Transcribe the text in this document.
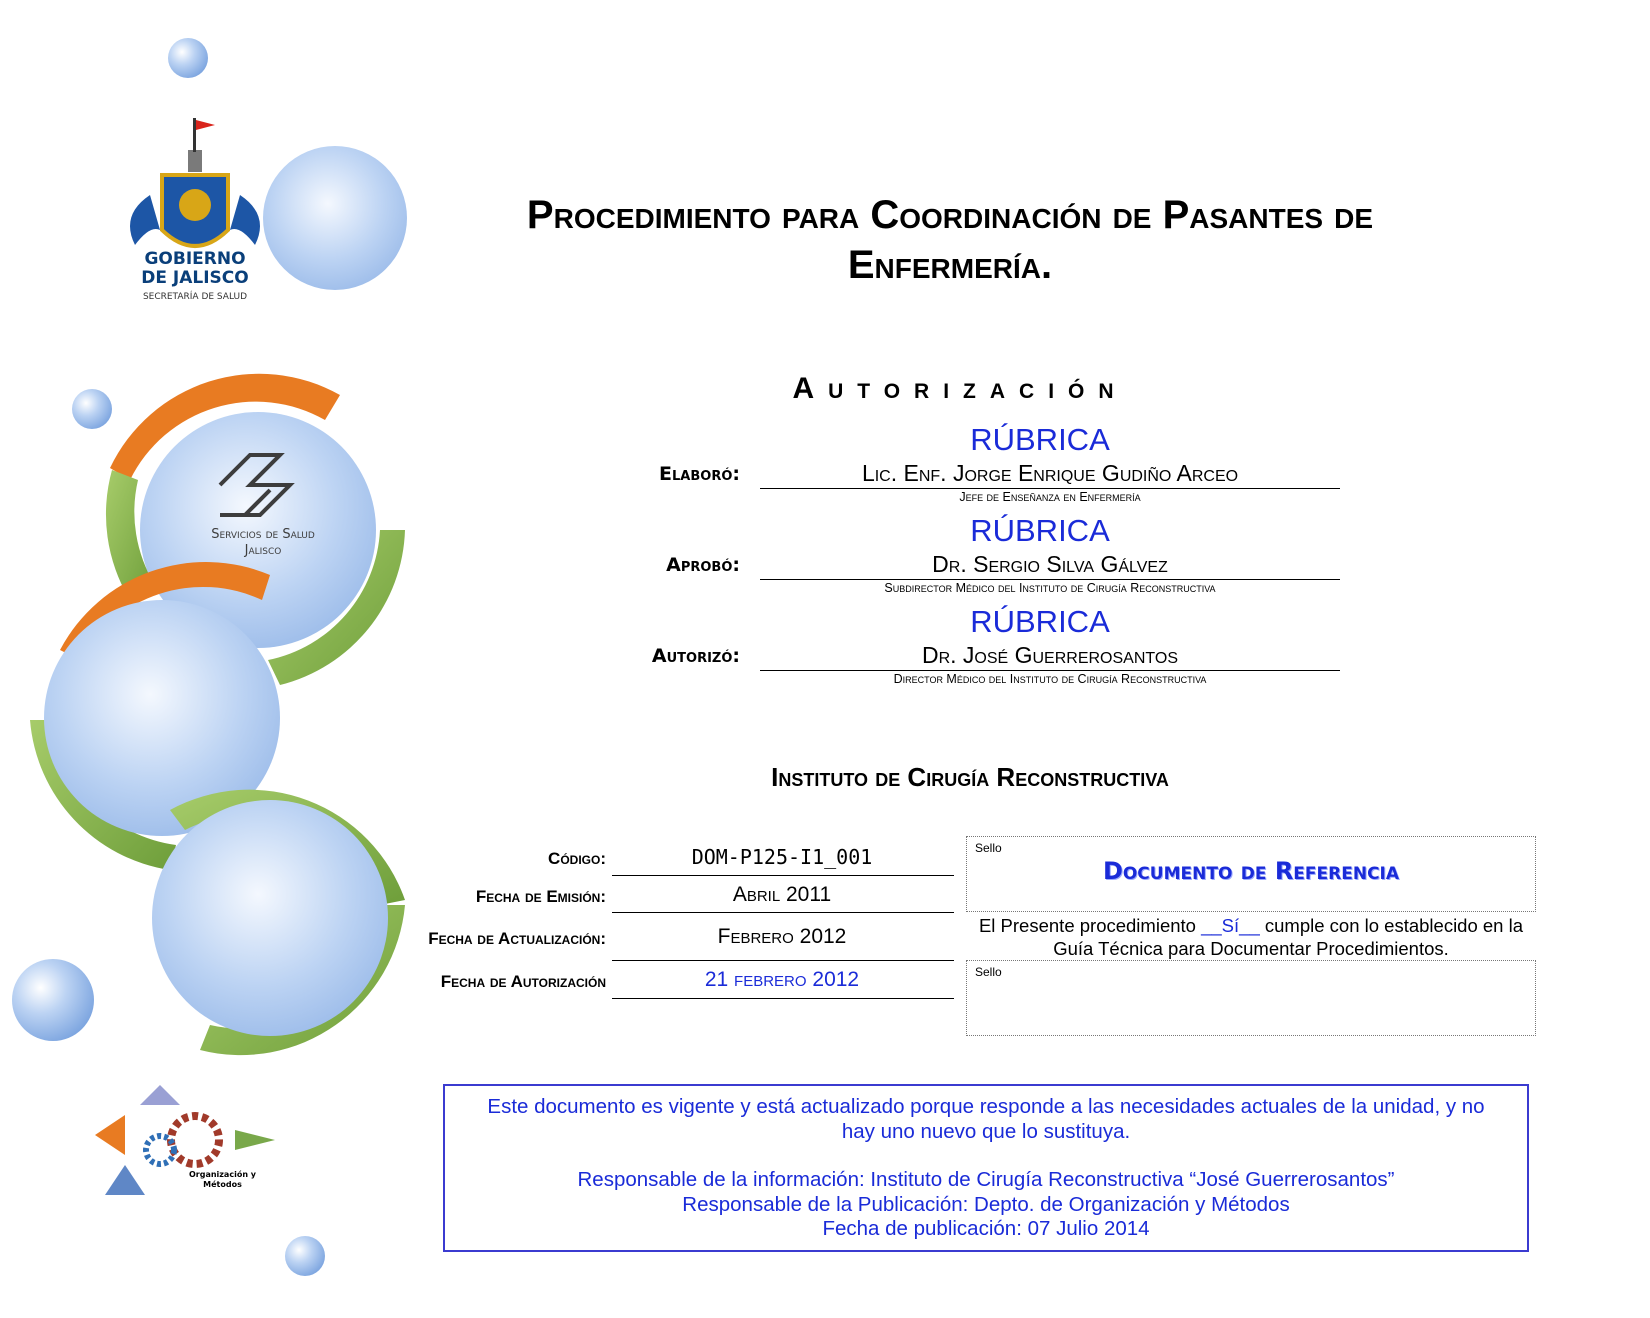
GOBIERNO
DE JALISCO
SECRETARÍA DE SALUD
Servicios de Salud
Jalisco
Organización y
Métodos
Procedimiento para Coordinación de Pasantes de
Enfermería.
Autorización
RÚBRICA
Elaboró:	Lic. Enf. Jorge Enrique Gudiño Arceo
Jefe de Enseñanza en Enfermería
RÚBRICA
Aprobó:	Dr. Sergio Silva Gálvez
Subdirector Médico del Instituto de Cirugía Reconstructiva
RÚBRICA
Autorizó:	Dr. José Guerrerosantos
Director Médico del Instituto de Cirugía Reconstructiva
Instituto de Cirugía Reconstructiva
Código:	DOM-P125-I1_001
Fecha de Emisión:	Abril 2011
Fecha de Actualización:	Febrero 2012
Fecha de Autorización	21 febrero 2012
Sello
Documento de Referencia
El Presente procedimiento __Sí__ cumple con lo establecido en la
Guía Técnica para Documentar Procedimientos.
Sello

Este documento es vigente y está actualizado porque responde a las necesidades actuales de la unidad, y no

hay uno nuevo que lo sustituya.

Responsable de la información: Instituto de Cirugía Reconstructiva “José Guerrerosantos”

Responsable de la Publicación: Depto. de Organización y Métodos

Fecha de publicación: 07 Julio 2014
